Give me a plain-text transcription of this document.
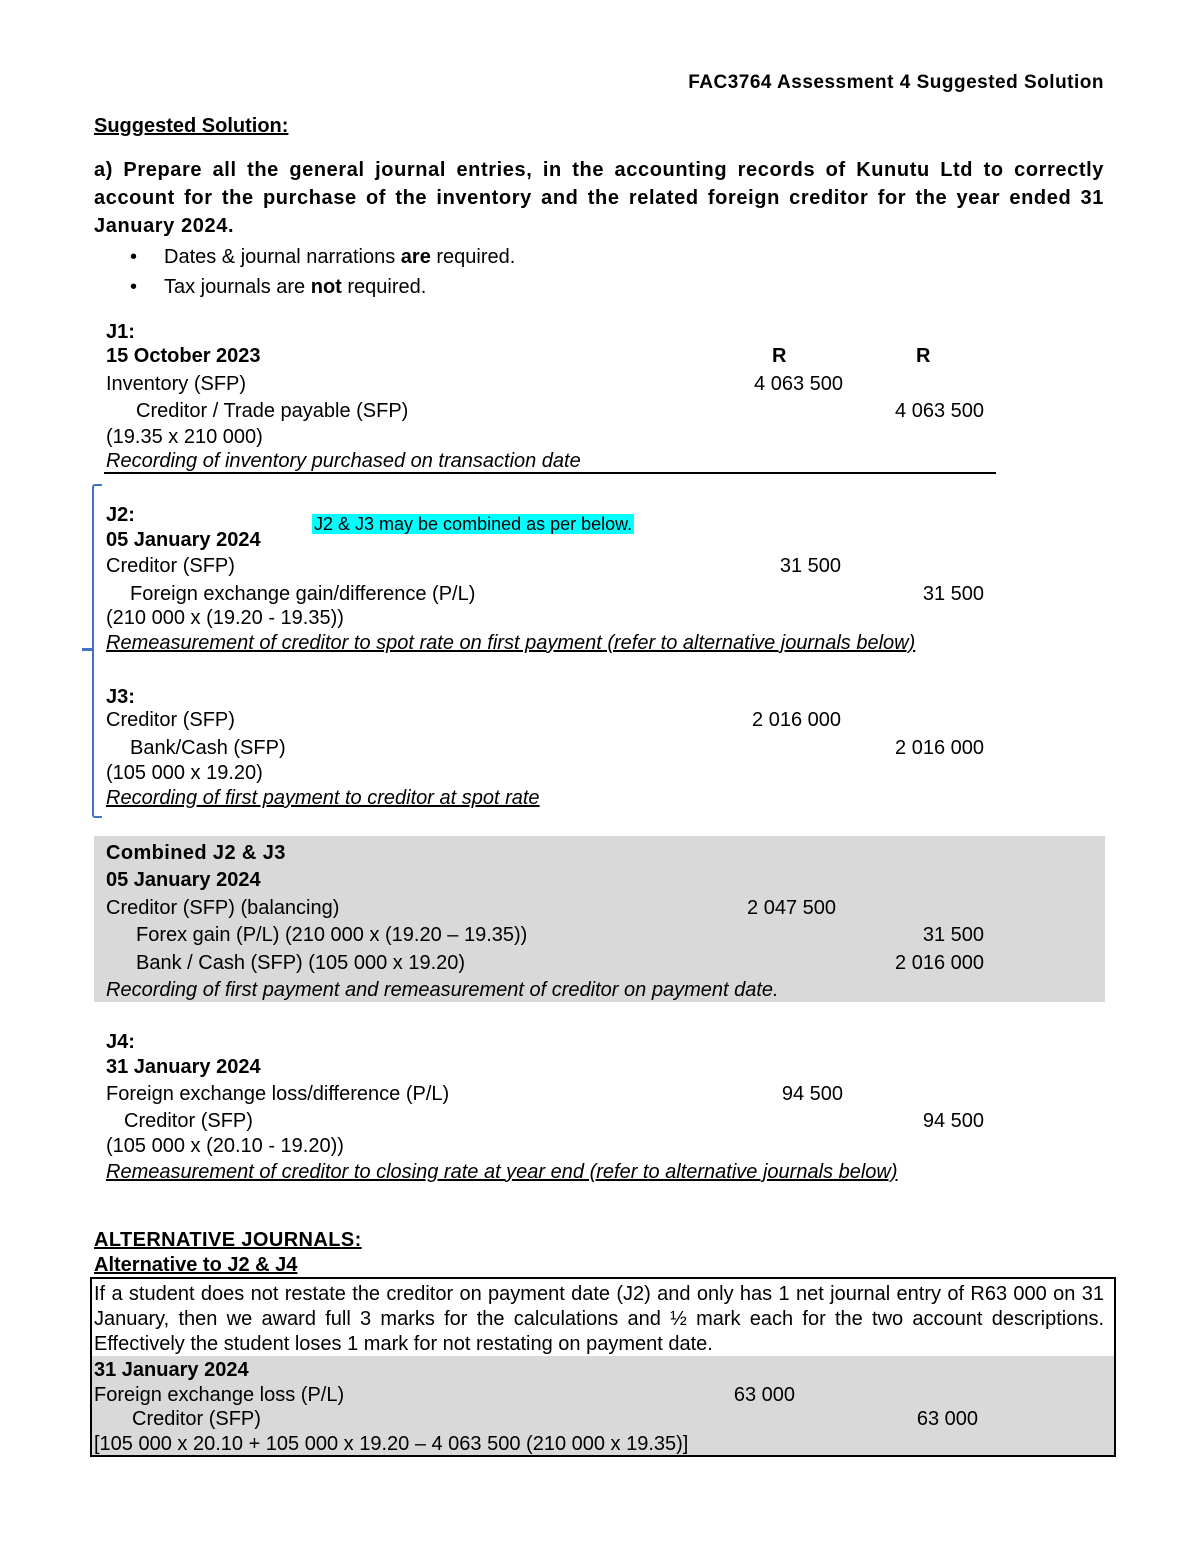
FAC3764 Assessment 4 Suggested Solution
Suggested Solution:
a) Prepare all the general journal entries, in the accounting records of Kunutu Ltd to correctly account for the purchase of the inventory and the related foreign creditor for the year ended 31 January 2024.
• Dates & journal narrations are required.
• Tax journals are not required.
J1:
15 October 2023	R	R
Inventory (SFP)	4 063 500
Creditor / Trade payable (SFP)	4 063 500
(19.35 x 210 000)
Recording of inventory purchased on transaction date
J2:	J2 & J3 may be combined as per below.
05 January 2024
Creditor (SFP)	31 500
Foreign exchange gain/difference (P/L)	31 500
(210 000 x (19.20 - 19.35))
Remeasurement of creditor to spot rate on first payment (refer to alternative journals below)
J3:
Creditor (SFP)	2 016 000
Bank/Cash (SFP)	2 016 000
(105 000 x 19.20)
Recording of first payment to creditor at spot rate
Combined J2 & J3
05 January 2024
Creditor (SFP) (balancing)	2 047 500
Forex gain (P/L) (210 000 x (19.20 – 19.35))	31 500
Bank / Cash (SFP) (105 000 x 19.20)	2 016 000
Recording of first payment and remeasurement of creditor on payment date.
J4:
31 January 2024
Foreign exchange loss/difference (P/L)	94 500
Creditor (SFP)	94 500
(105 000 x (20.10 - 19.20))
Remeasurement of creditor to closing rate at year end (refer to alternative journals below)
ALTERNATIVE JOURNALS:
Alternative to J2 & J4
If a student does not restate the creditor on payment date (J2) and only has 1 net journal entry of R63 000 on 31 January, then we award full 3 marks for the calculations and ½ mark each for the two account descriptions. Effectively the student loses 1 mark for not restating on payment date.
31 January 2024
Foreign exchange loss (P/L)	63 000
Creditor (SFP)	63 000
[105 000 x 20.10 + 105 000 x 19.20 – 4 063 500 (210 000 x 19.35)]
